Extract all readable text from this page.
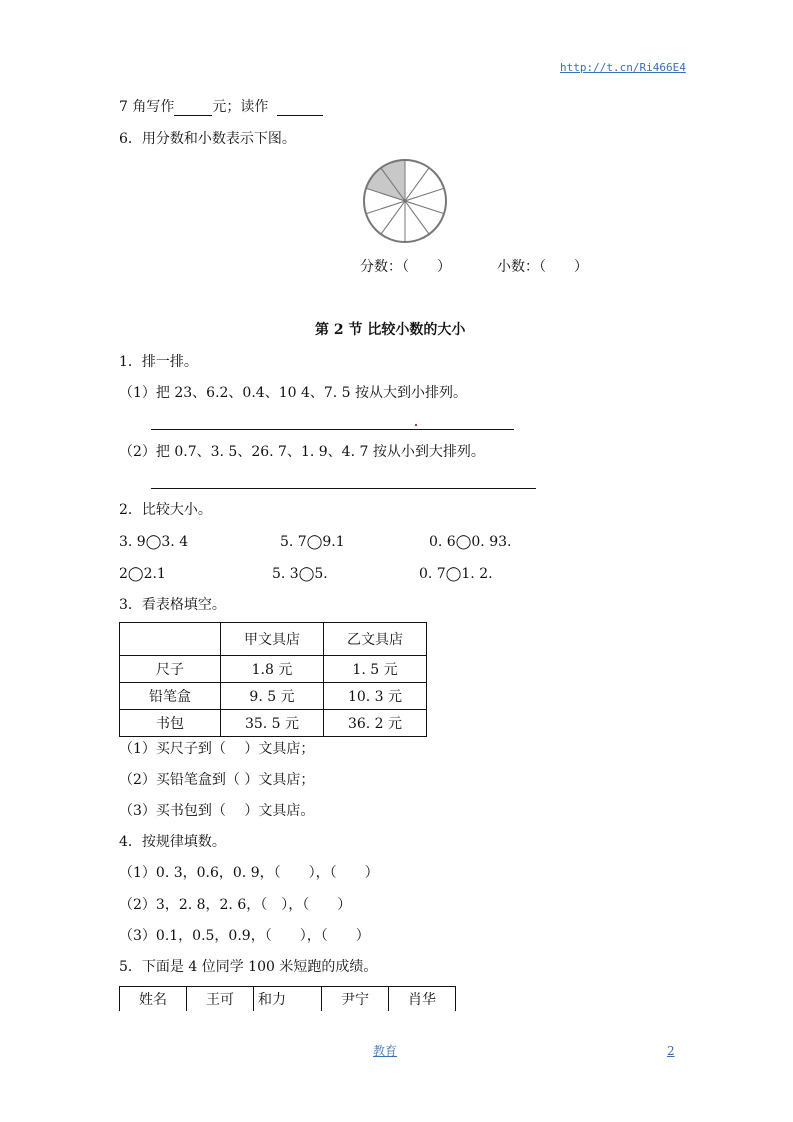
http://t.cn/Ri466E4
7 角写作	元；读作
6．用分数和小数表示下图。
分数：（　　）	小数：（　　）
第 2 节 比较小数的大小
1．排一排。
（1）把 23、6.2、0.4、10 4、7. 5 按从大到小排列。
（2）把 0.7、3. 5、26. 7、1. 9、4. 7 按从小到大排列。
2．比较大小。
3. 9◯3. 4	5. 7◯9.1	0. 6◯0. 93.
2◯2.1	5. 3◯5.	0. 7◯1. 2.
3．看表格填空。
	甲文具店	乙文具店
尺子	1.8 元	1. 5 元
铅笔盒	9. 5 元	10. 3 元
书包	35. 5 元	36. 2 元
（1）买尺子到（　 ）文具店；
（2）买铅笔盒到（ ）文具店；
（3）买书包到（　 ）文具店。
4．按规律填数。
（1）0. 3，0.6，0. 9，（　　），（　　）
（2）3，2. 8，2. 6，（　），（　　）
（3）0.1，0.5，0.9，（　　），（　　）
5．下面是 4 位同学 100 米短跑的成绩。
姓名	王可	和力	尹宁	肖华
教育	2
